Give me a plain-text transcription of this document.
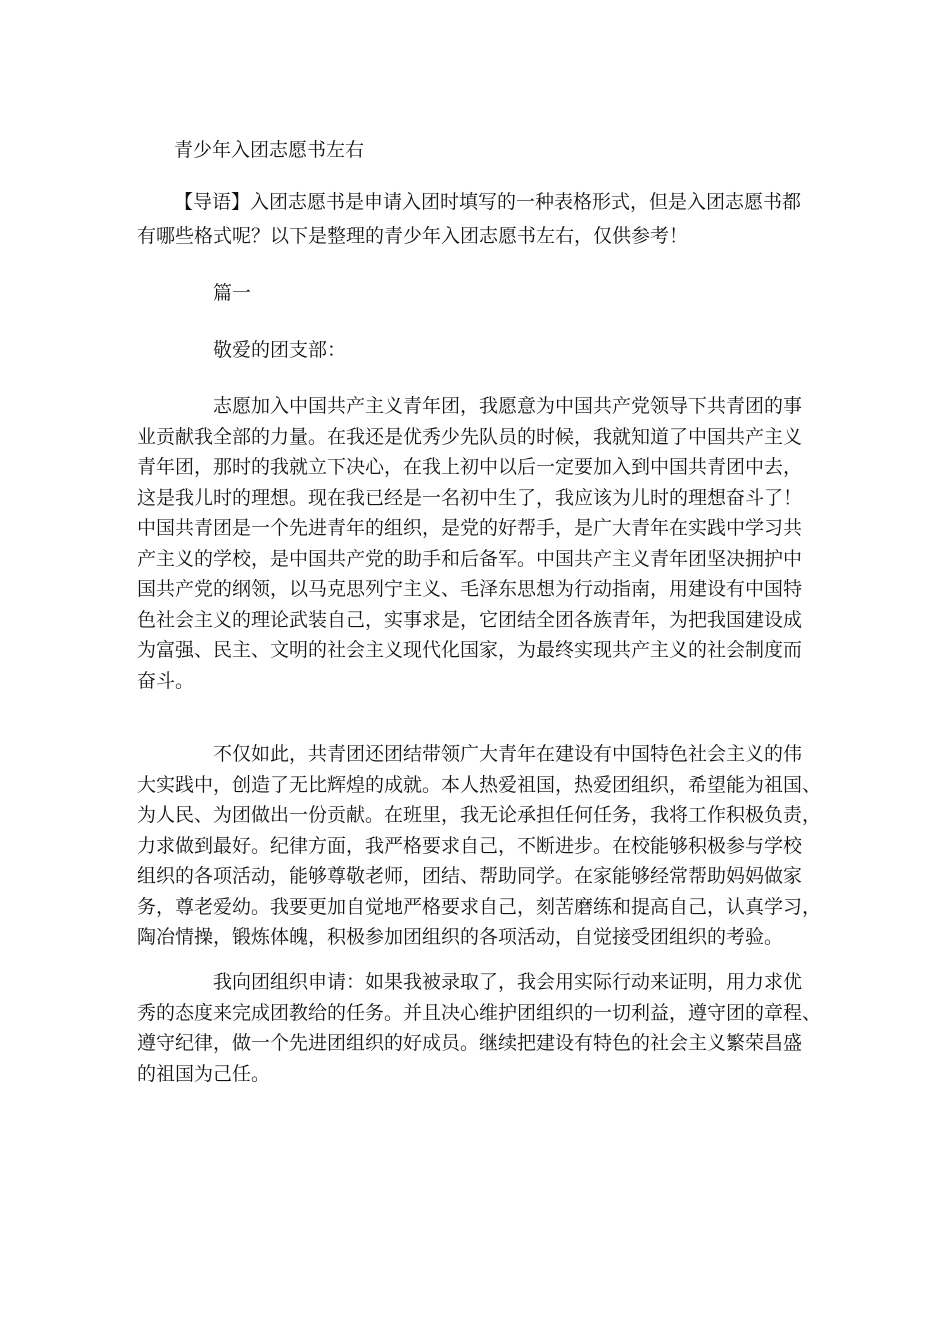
青少年入团志愿书左右

【导语】入团志愿书是申请入团时填写的一种表格形式，但是入团志愿书都

有哪些格式呢？以下是整理的青少年入团志愿书左右，仅供参考！

篇一

敬爱的团支部：

志愿加入中国共产主义青年团，我愿意为中国共产党领导下共青团的事
业贡献我全部的力量。在我还是优秀少先队员的时候，我就知道了中国共产主义
青年团，那时的我就立下决心，在我上初中以后一定要加入到中国共青团中去，
这是我儿时的理想。现在我已经是一名初中生了，我应该为儿时的理想奋斗了！
中国共青团是一个先进青年的组织，是党的好帮手，是广大青年在实践中学习共
产主义的学校，是中国共产党的助手和后备军。中国共产主义青年团坚决拥护中
国共产党的纲领，以马克思列宁主义、毛泽东思想为行动指南，用建设有中国特
色社会主义的理论武装自己，实事求是，它团结全团各族青年，为把我国建设成
为富强、民主、文明的社会主义现代化国家，为最终实现共产主义的社会制度而
奋斗。

不仅如此，共青团还团结带领广大青年在建设有中国特色社会主义的伟
大实践中，创造了无比辉煌的成就。本人热爱祖国，热爱团组织，希望能为祖国、
为人民、为团做出一份贡献。在班里，我无论承担任何任务，我将工作积极负责，
力求做到最好。纪律方面，我严格要求自己，不断进步。在校能够积极参与学校
组织的各项活动，能够尊敬老师，团结、帮助同学。在家能够经常帮助妈妈做家
务，尊老爱幼。我要更加自觉地严格要求自己，刻苦磨练和提高自己，认真学习，
陶冶情操，锻炼体魄，积极参加团组织的各项活动，自觉接受团组织的考验。

我向团组织申请：如果我被录取了，我会用实际行动来证明，用力求优
秀的态度来完成团教给的任务。并且决心维护团组织的一切利益，遵守团的章程、
遵守纪律，做一个先进团组织的好成员。继续把建设有特色的社会主义繁荣昌盛
的祖国为己任。
